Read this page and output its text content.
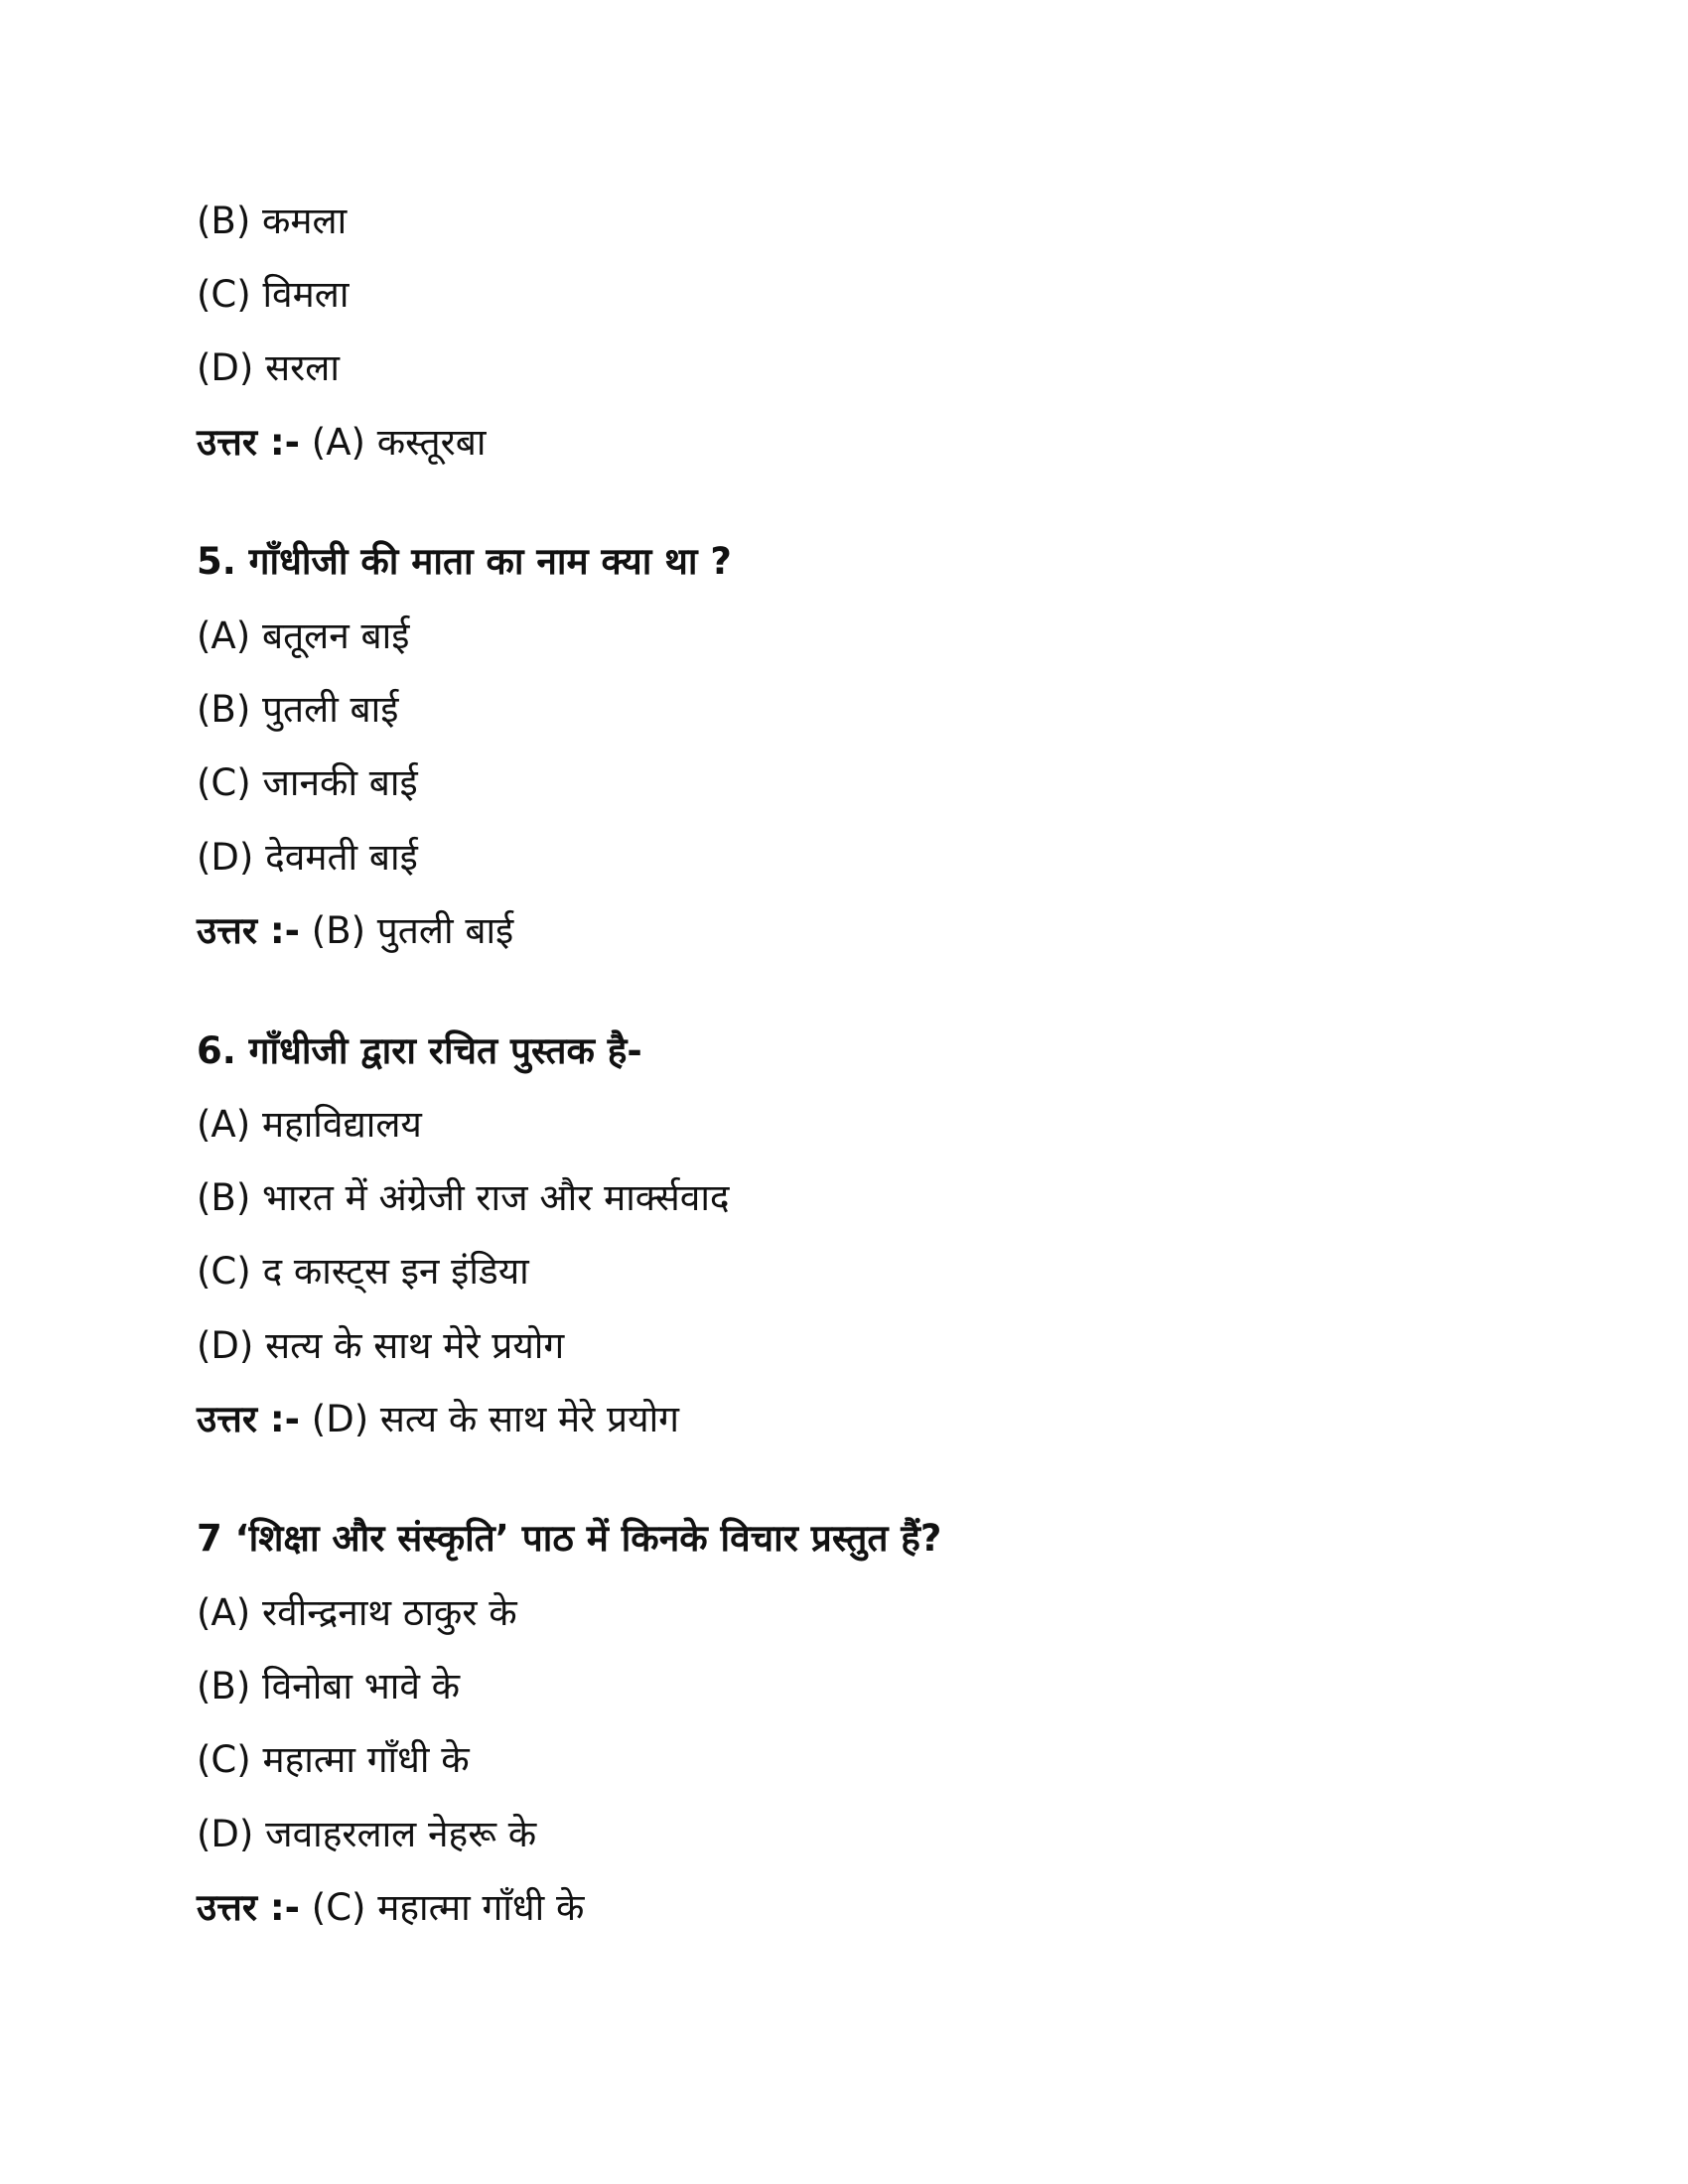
(B) कमला
(C) विमला
(D) सरला
उत्तर :- (A) कस्तूरबा
5. गाँधीजी की माता का नाम क्या था ?
(A) बतूलन बाई
(B) पुतली बाई
(C) जानकी बाई
(D) देवमती बाई
उत्तर :- (B) पुतली बाई
6. गाँधीजी द्वारा रचित पुस्तक है-
(A) महाविद्यालय
(B) भारत में अंग्रेजी राज और मार्क्सवाद
(C) द कास्ट्स इन इंडिया
(D) सत्य के साथ मेरे प्रयोग
उत्तर :- (D) सत्य के साथ मेरे प्रयोग
7 ‘शिक्षा और संस्कृति’ पाठ में किनके विचार प्रस्तुत हैं?
(A) रवीन्द्रनाथ ठाकुर के
(B) विनोबा भावे के
(C) महात्मा गाँधी के
(D) जवाहरलाल नेहरू के
उत्तर :- (C) महात्मा गाँधी के
